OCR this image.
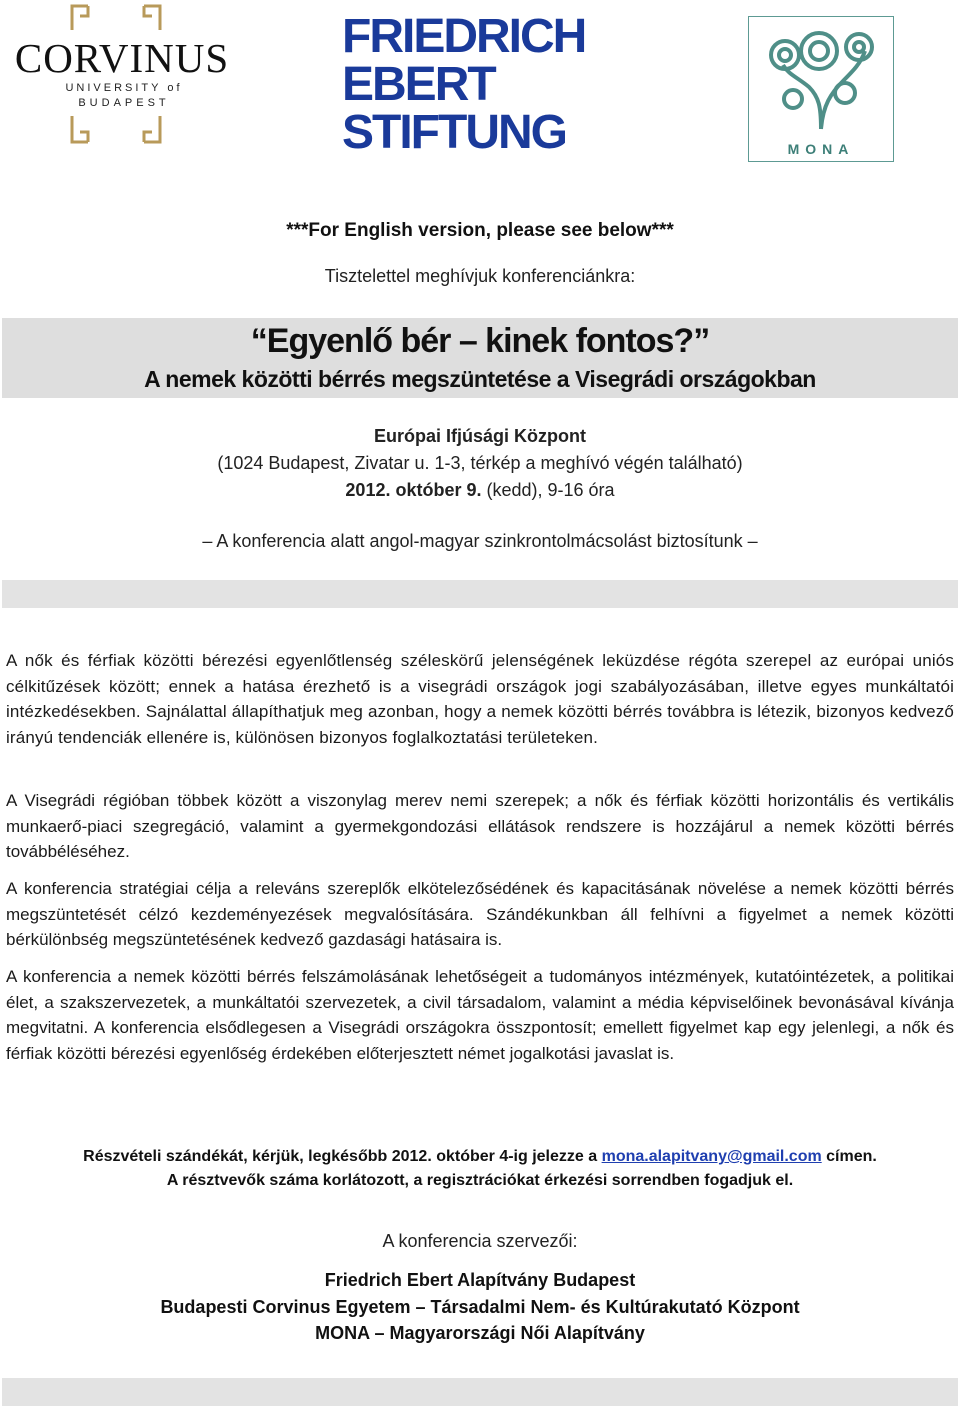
CORVINUS
UNIVERSITY of
BUDAPEST
FRIEDRICH
EBERT
STIFTUNG	MONA
***For English version, please see below***
Tisztelettel meghívjuk konferenciánkra:
“Egyenlő bér – kinek fontos?”
A nemek közötti bérrés megszüntetése a Visegrádi országokban
Európai Ifjúsági Központ
(1024 Budapest, Zivatar u. 1-3, térkép a meghívó végén található)
2012. október 9. (kedd), 9-16 óra
– A konferencia alatt angol-magyar szinkrontolmácsolást biztosítunk –
A nők és férfiak közötti bérezési egyenlőtlenség széleskörű jelenségének leküzdése régóta szerepel az európai uniós célkitűzések között; ennek a hatása érezhető is a visegrádi országok jogi szabályozásában, illetve egyes munkáltatói intézkedésekben. Sajnálattal állapíthatjuk meg azonban, hogy a nemek közötti bérrés továbbra is létezik, bizonyos kedvező irányú tendenciák ellenére is, különösen bizonyos foglalkoztatási területeken.
A Visegrádi régióban többek között a viszonylag merev nemi szerepek; a nők és férfiak közötti horizontális és vertikális munkaerő-piaci szegregáció, valamint a gyermekgondozási ellátások rendszere is hozzájárul a nemek közötti bérrés továbbéléséhez.
A konferencia stratégiai célja a releváns szereplők elkötelezősédének és kapacitásának növelése a nemek közötti bérrés megszüntetését célzó kezdeményezések megvalósítására. Szándékunkban áll felhívni a figyelmet a nemek közötti bérkülönbség megszüntetésének kedvező gazdasági hatásaira is.
A konferencia a nemek közötti bérrés felszámolásának lehetőségeit a tudományos intézmények, kutatóintézetek, a politikai élet, a szakszervezetek, a munkáltatói szervezetek, a civil társadalom, valamint a média képviselőinek bevonásával kívánja megvitatni. A konferencia elsődlegesen a Visegrádi országokra összpontosít; emellett figyelmet kap egy jelenlegi, a nők és férfiak közötti bérezési egyenlőség érdekében előterjesztett német jogalkotási javaslat is.
Részvételi szándékát, kérjük, legkésőbb 2012. október 4-ig jelezze a mona.alapitvany@gmail.com címen.
A résztvevők száma korlátozott, a regisztrációkat érkezési sorrendben fogadjuk el.
A konferencia szervezői:
Friedrich Ebert Alapítvány Budapest
Budapesti Corvinus Egyetem – Társadalmi Nem- és Kultúrakutató Központ
MONA – Magyarországi Női Alapítvány
